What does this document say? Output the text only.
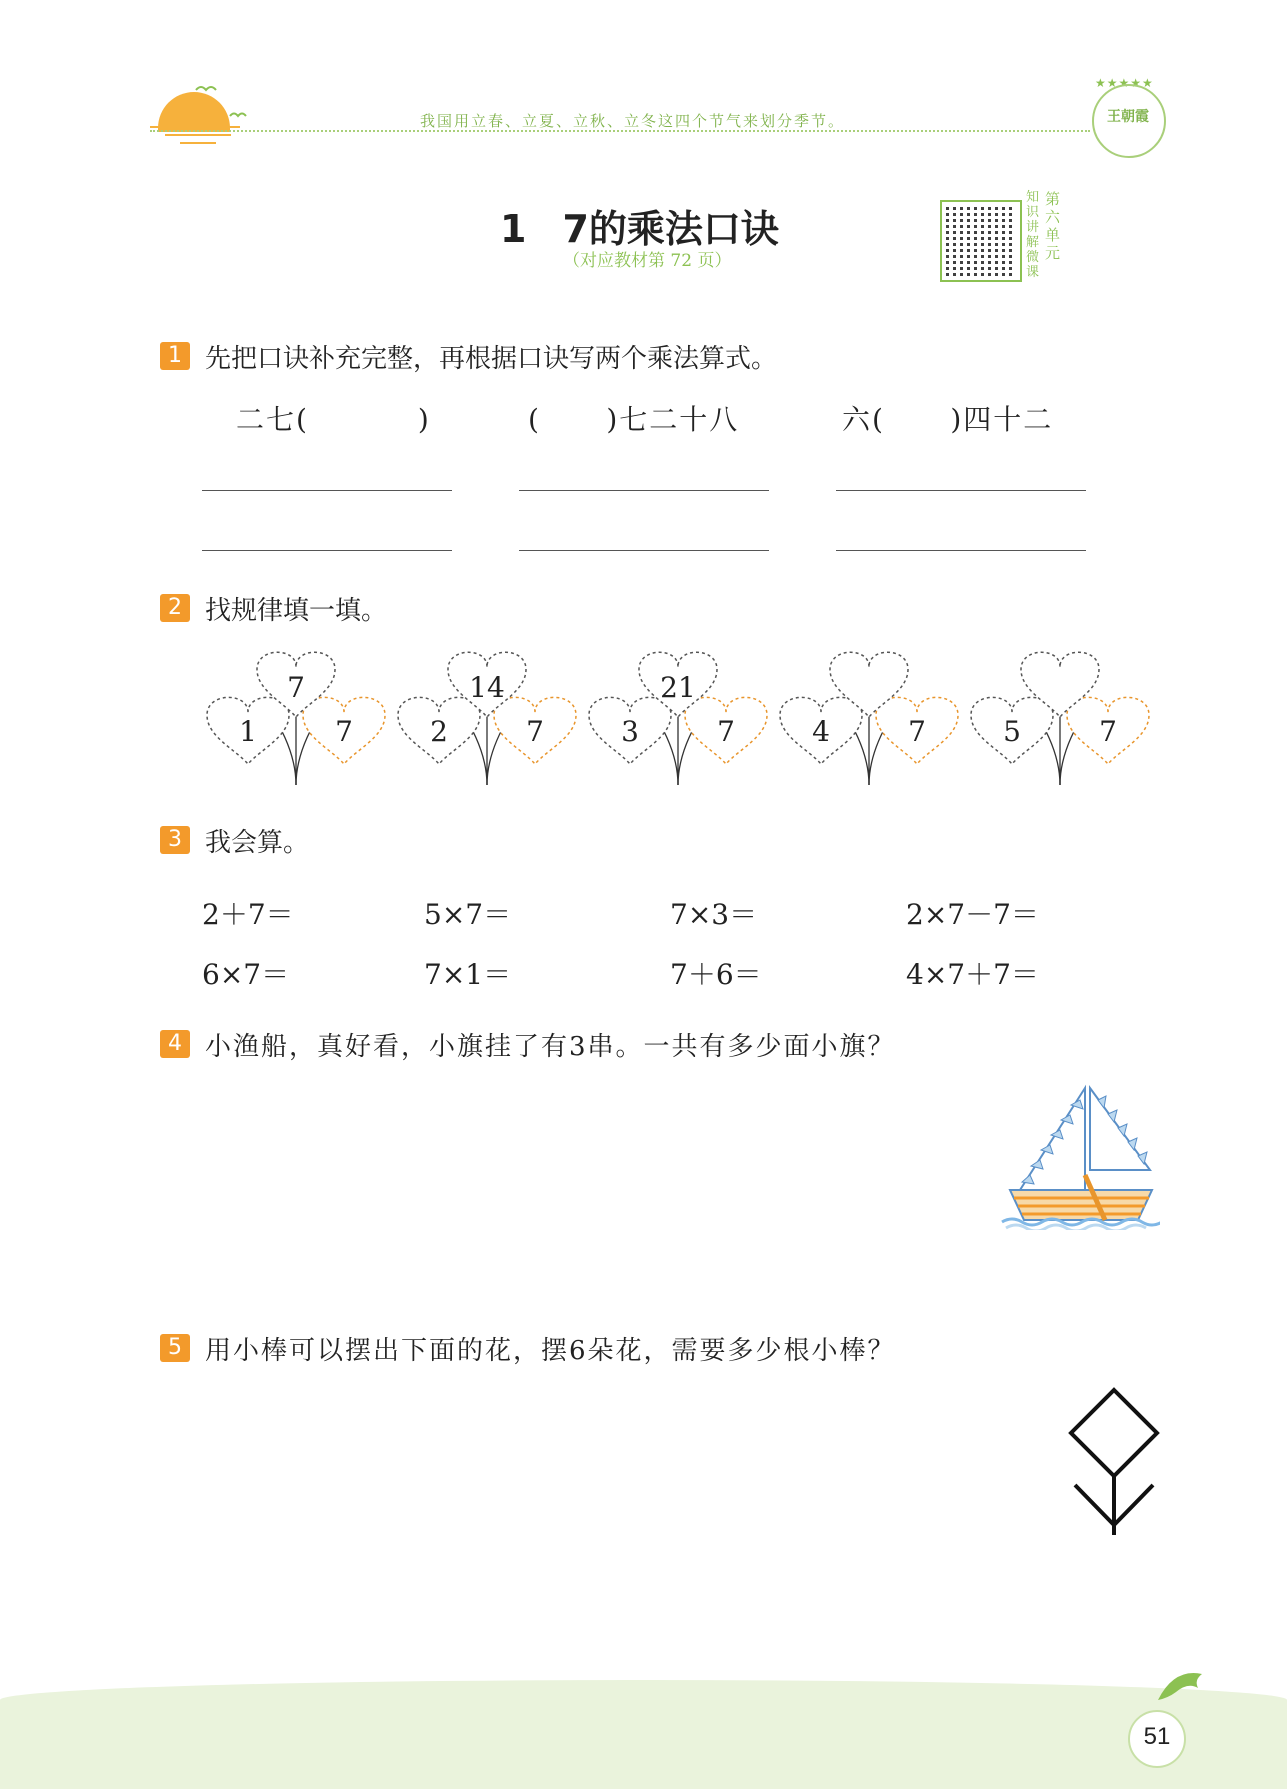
我国用立春、立夏、立秋、立冬这四个节气来划分季节。
★★★★★
王朝霞
1 7的乘法口诀
（对应教材第 72 页）
知识讲解微课
第六单元
1 先把口诀补充完整，再根据口诀写两个乘法算式。
二七(          )	(      )七二十八	六(      )四十二
2 找规律填一填。
7
1	7
14
2	7
21
3	7	4	7	5	7
3 我会算。
2＋7＝	5×7＝	7×3＝	2×7－7＝
6×7＝	7×1＝	7＋6＝	4×7＋7＝
4 小渔船，真好看，小旗挂了有3串。一共有多少面小旗？
5 用小棒可以摆出下面的花，摆6朵花，需要多少根小棒？
51
